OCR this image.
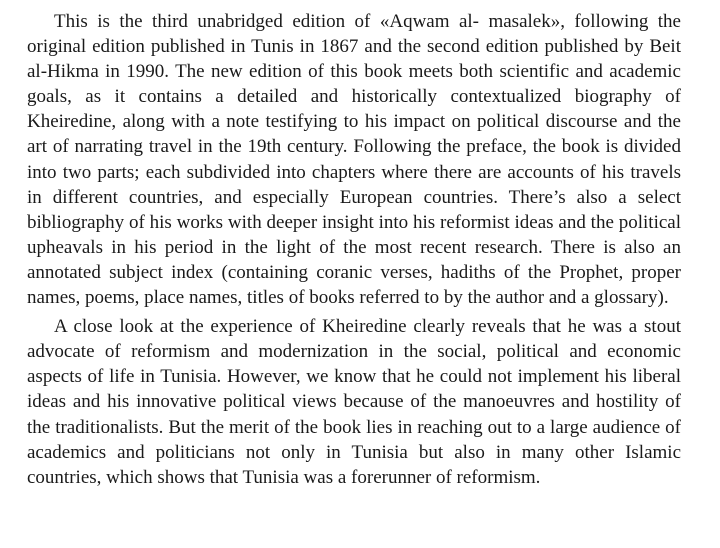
This is the third unabridged edition of «Aqwam al- masalek», following the original edition published in Tunis in 1867 and the second edition published by Beit al-Hikma in 1990. The new edition of this book meets both scientific and academic goals, as it contains a detailed and historically contextualized biography of Kheiredine, along with a note testifying to his impact on political discourse and the art of narrating travel in the 19th century. Following the preface, the book is divided into two parts; each subdivided into chapters where there are accounts of his travels in different countries, and especially European countries. There’s also a select bibliography of his works with deeper insight into his reformist ideas and the political upheavals in his period in the light of the most recent research. There is also an annotated subject index (containing coranic verses, hadiths of the Prophet, proper names, poems, place names, titles of books referred to by the author and a glossary).

A close look at the experience of Kheiredine clearly reveals that he was a stout advocate of reformism and modernization in the social, political and economic aspects of life in Tunisia. However, we know that he could not implement his liberal ideas and his innovative political views because of the manoeuvres and hostility of the traditionalists. But the merit of the book lies in reaching out to a large audience of academics and politicians not only in Tunisia but also in many other Islamic countries, which shows that Tunisia was a forerunner of reformism.
